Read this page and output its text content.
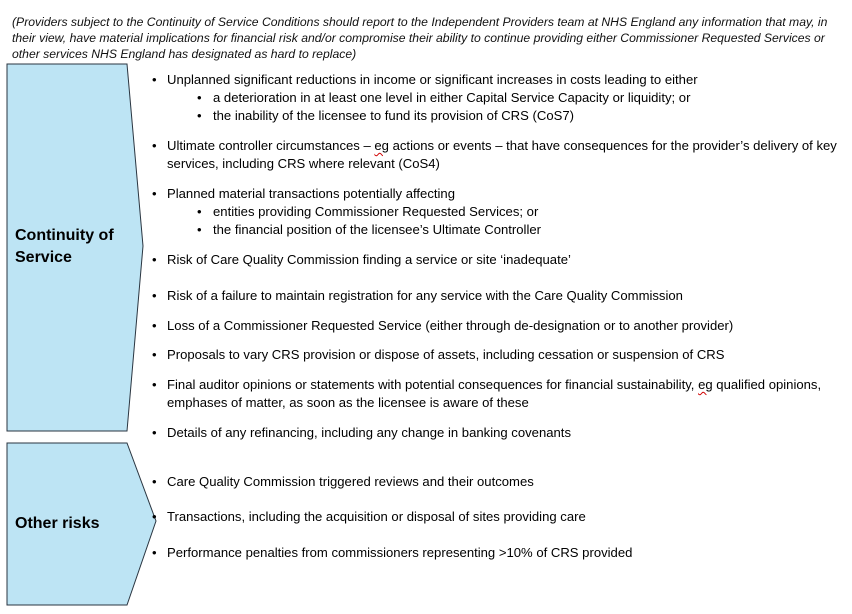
(Providers subject to the Continuity of Service Conditions should report to the Independent Providers team at NHS England any information that may, in their view, have material implications for financial risk and/or compromise their ability to continue providing either Commissioner Requested Services or other services NHS England has designated as hard to replace)
Continuity of
Service
Other risks
• Unplanned significant reductions in income or significant increases in costs leading to either
• a deterioration in at least one level in either Capital Service Capacity or liquidity; or
• the inability of the licensee to fund its provision of CRS (CoS7)
• Ultimate controller circumstances – eg actions or events – that have consequences for the provider’s delivery of key services, including CRS where relevant (CoS4)
• Planned material transactions potentially affecting
• entities providing Commissioner Requested Services; or
• the financial position of the licensee’s Ultimate Controller
• Risk of Care Quality Commission finding a service or site ‘inadequate’
• Risk of a failure to maintain registration for any service with the Care Quality Commission
• Loss of a Commissioner Requested Service (either through de-designation or to another provider)
• Proposals to vary CRS provision or dispose of assets, including cessation or suspension of CRS
• Final auditor opinions or statements with potential consequences for financial sustainability, eg qualified opinions, emphases of matter, as soon as the licensee is aware of these
• Details of any refinancing, including any change in banking covenants
• Care Quality Commission triggered reviews and their outcomes
• Transactions, including the acquisition or disposal of sites providing care
• Performance penalties from commissioners representing >10% of CRS provided
